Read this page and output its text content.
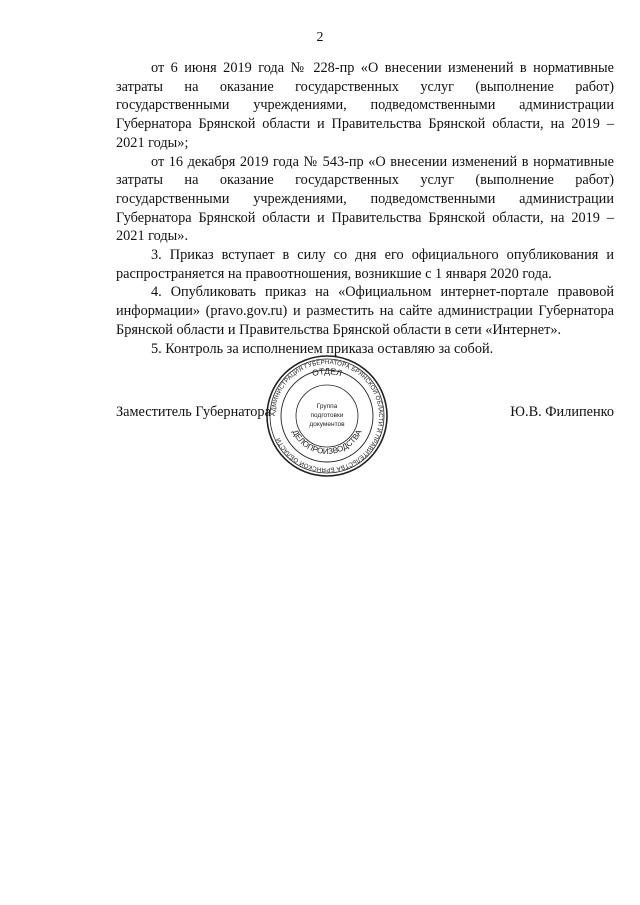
2

от 6 июня 2019 года № 228-пр «О внесении изменений в нормативные затраты на оказание государственных услуг (выполнение работ) государственными учреждениями, подведомственными администрации Губернатора Брянской области и Правительства Брянской области, на 2019 – 2021 годы»;

от 16 декабря 2019 года № 543-пр «О внесении изменений в нормативные затраты на оказание государственных услуг (выполнение работ) государственными учреждениями, подведомственными администрации Губернатора Брянской области и Правительства Брянской области, на 2019 – 2021 годы».

3. Приказ вступает в силу со дня его официального опубликования и распространяется на правоотношения, возникшие с 1 января 2020 года.

4. Опубликовать приказ на «Официальном интернет-портале правовой информации» (pravo.gov.ru) и разместить на сайте администрации Губернатора Брянской области и Правительства Брянской области в сети «Интернет».

5. Контроль за исполнением приказа оставляю за собой.

Заместитель Губернатора	Ю.В. Филипенко
АДМИНИСТРАЦИЯ ГУБЕРНАТОРА БРЯНСКОЙ ОБЛАСТИ И ПРАВИТЕЛЬСТВА БРЯНСКОЙ ОБЛАСТИ
ОТДЕЛ
ДЕЛОПРОИЗВОДСТВА
Группа
подготовки
документов
